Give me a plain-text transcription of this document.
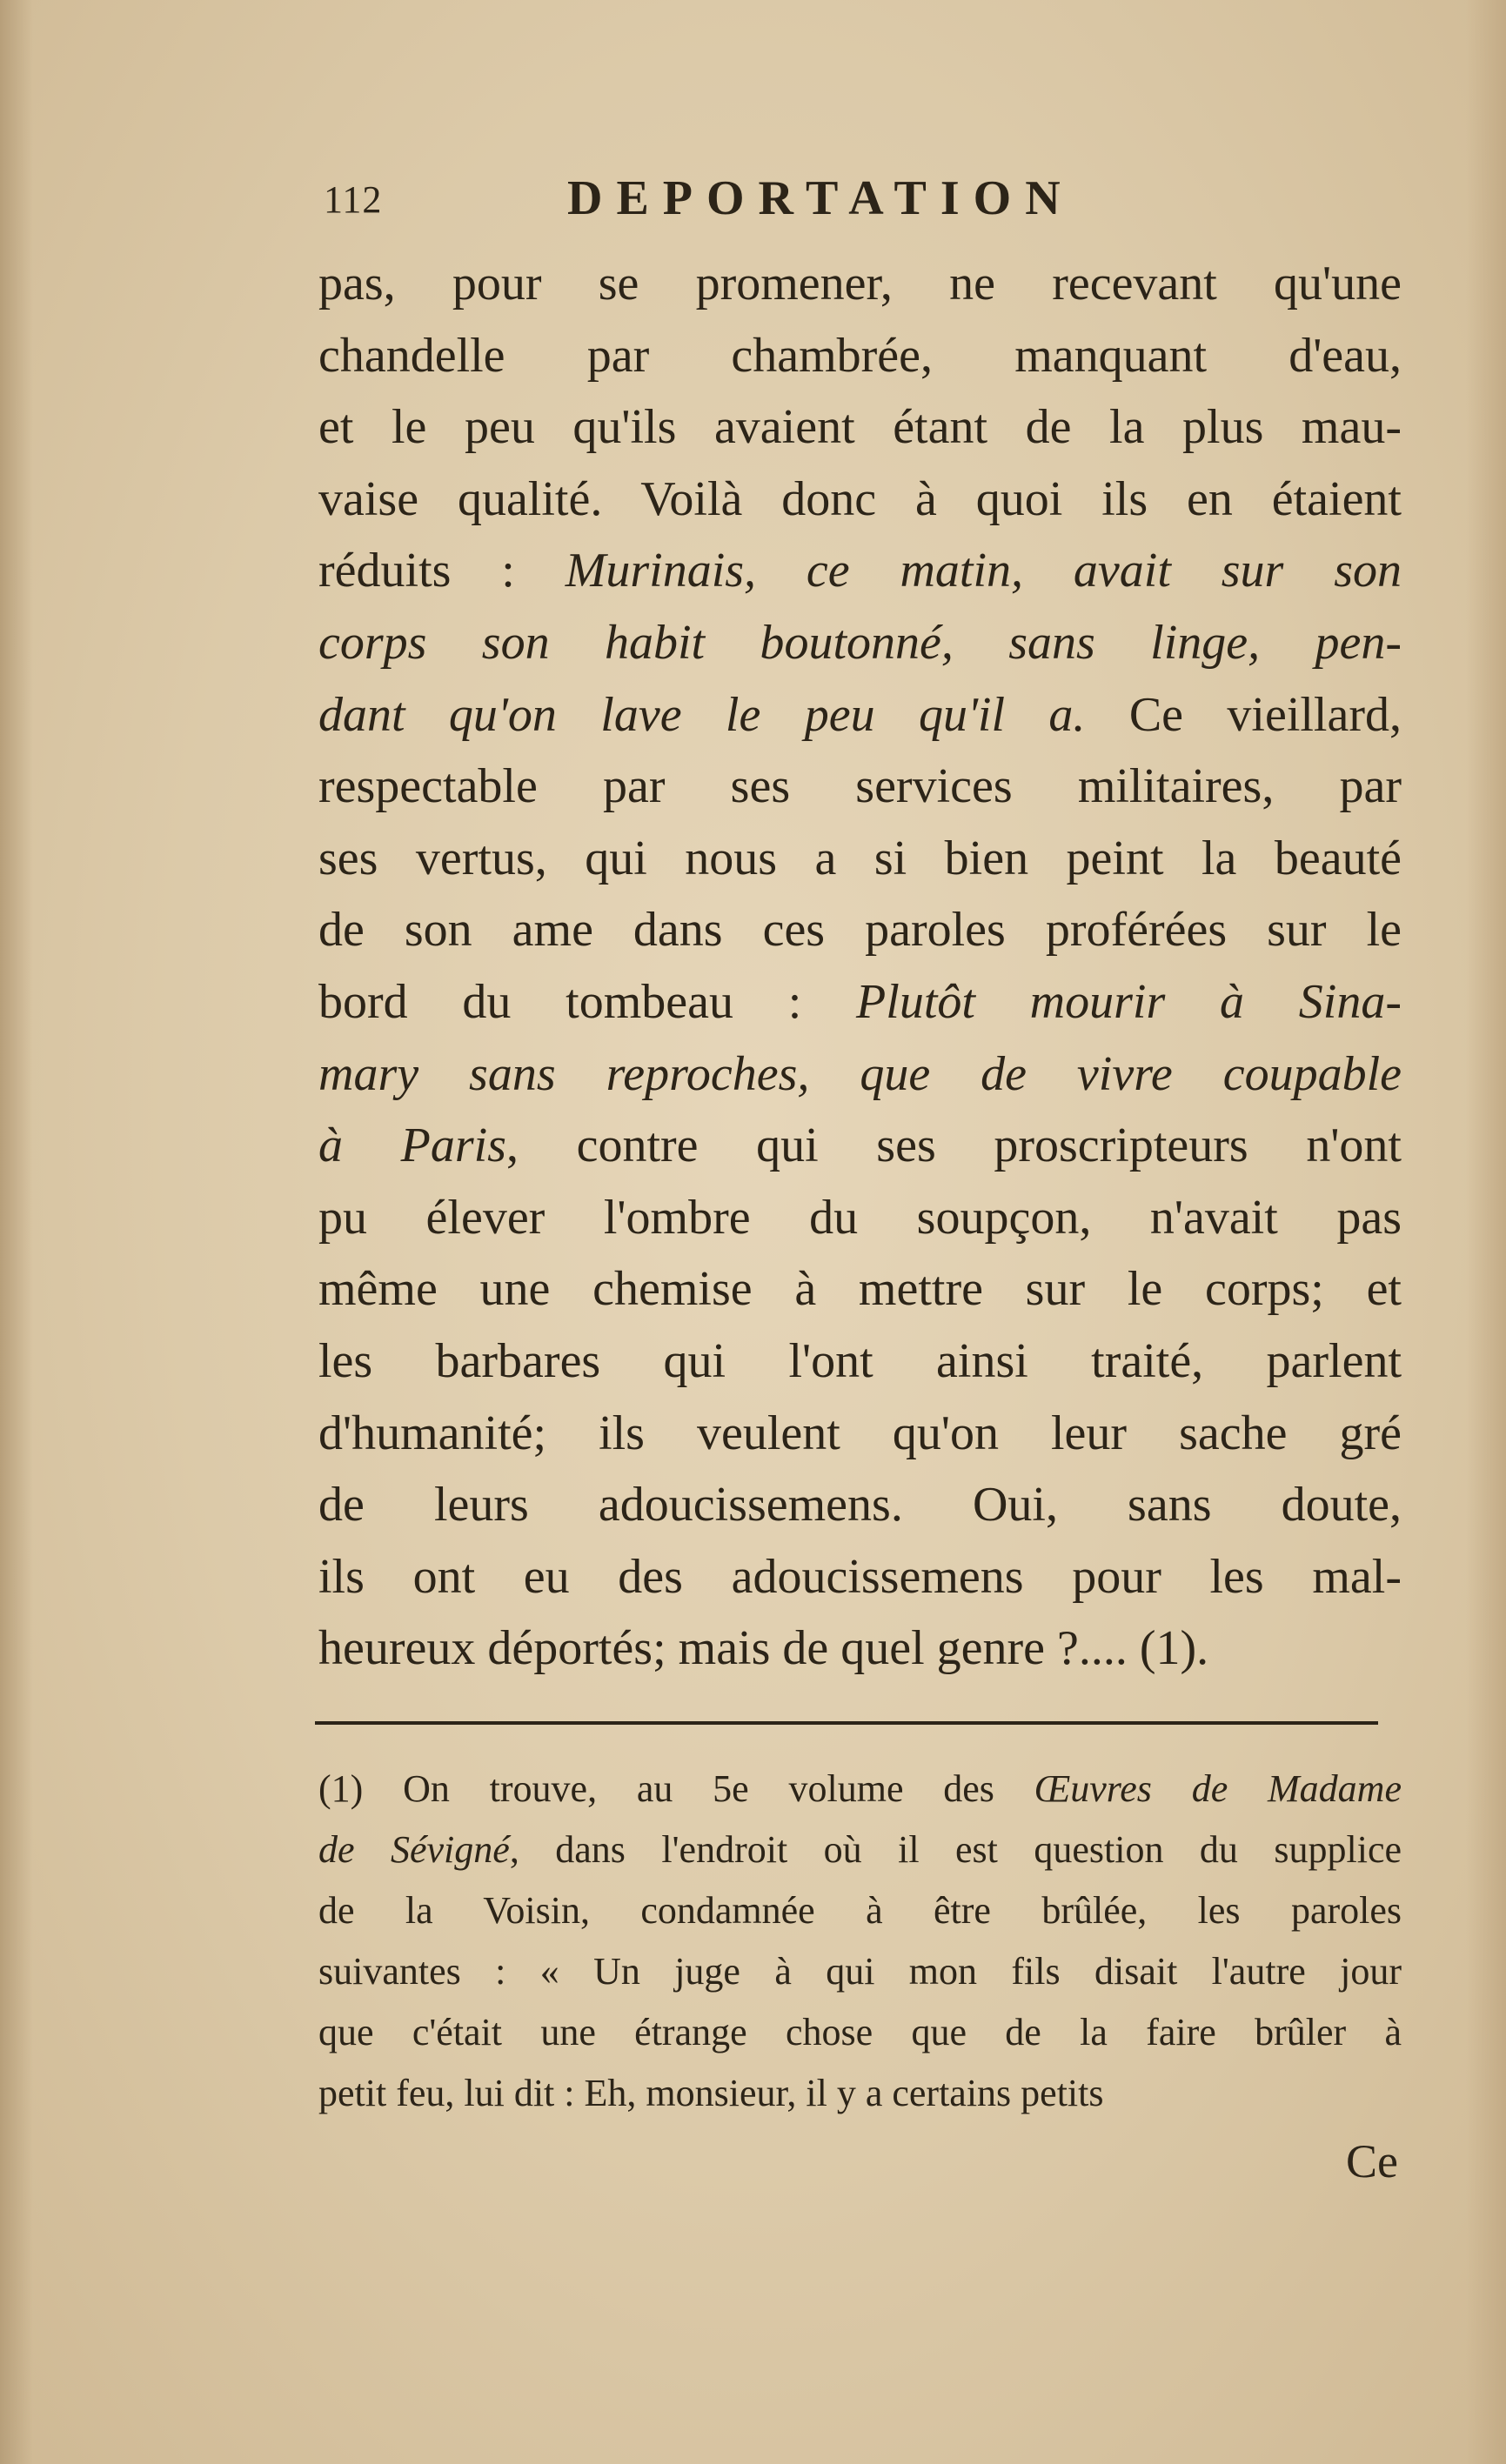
112	DEPORTATION
pas, pour se promener, ne recevant qu'une
chandelle par chambrée, manquant d'eau,
et le peu qu'ils avaient étant de la plus mau-
vaise qualité. Voilà donc à quoi ils en étaient
réduits : Murinais, ce matin, avait sur son
corps son habit boutonné, sans linge, pen-
dant qu'on lave le peu qu'il a. Ce vieillard,
respectable par ses services militaires, par
ses vertus, qui nous a si bien peint la beauté
de son ame dans ces paroles proférées sur le
bord du tombeau : Plutôt mourir à Sina-
mary sans reproches, que de vivre coupable
à Paris, contre qui ses proscripteurs n'ont
pu élever l'ombre du soupçon, n'avait pas
même une chemise à mettre sur le corps; et
les barbares qui l'ont ainsi traité, parlent
d'humanité; ils veulent qu'on leur sache gré
de leurs adoucissemens. Oui, sans doute,
ils ont eu des adoucissemens pour les mal-
heureux déportés; mais de quel genre ?.... (1).
(1) On trouve, au 5e volume des Œuvres de Madame
de Sévigné, dans l'endroit où il est question du supplice
de la Voisin, condamnée à être brûlée, les paroles
suivantes : « Un juge à qui mon fils disait l'autre jour
que c'était une étrange chose que de la faire brûler à
petit feu, lui dit : Eh, monsieur, il y a certains petits
Ce
